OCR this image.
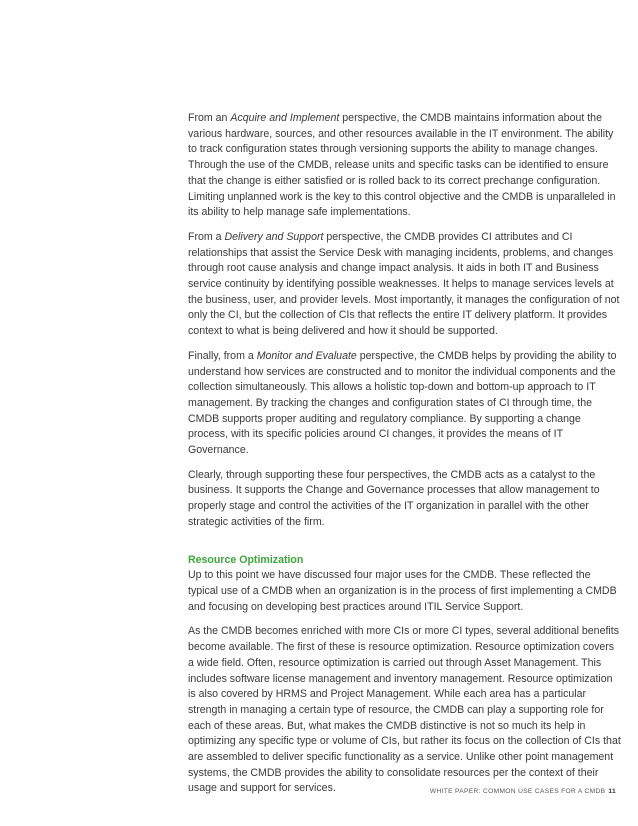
From an Acquire and Implement perspective, the CMDB maintains information about the various hardware, sources, and other resources available in the IT environment. The ability to track configuration states through versioning supports the ability to manage changes. Through the use of the CMDB, release units and specific tasks can be identified to ensure that the change is either satisfied or is rolled back to its correct prechange configuration. Limiting unplanned work is the key to this control objective and the CMDB is unparalleled in its ability to help manage safe implementations.

From a Delivery and Support perspective, the CMDB provides CI attributes and CI relationships that assist the Service Desk with managing incidents, problems, and changes through root cause analysis and change impact analysis. It aids in both IT and Business service continuity by identifying possible weaknesses. It helps to manage services levels at the business, user, and provider levels. Most importantly, it manages the configuration of not only the CI, but the collection of CIs that reflects the entire IT delivery platform. It provides context to what is being delivered and how it should be supported.

Finally, from a Monitor and Evaluate perspective, the CMDB helps by providing the ability to understand how services are constructed and to monitor the individual components and the collection simultaneously. This allows a holistic top-down and bottom-up approach to IT management. By tracking the changes and configuration states of CI through time, the CMDB supports proper auditing and regulatory compliance. By supporting a change process, with its specific policies around CI changes, it provides the means of IT Governance.

Clearly, through supporting these four perspectives, the CMDB acts as a catalyst to the business. It supports the Change and Governance processes that allow management to properly stage and control the activities of the IT organization in parallel with the other strategic activities of the firm.

Resource Optimization

Up to this point we have discussed four major uses for the CMDB. These reflected the typical use of a CMDB when an organization is in the process of first implementing a CMDB and focusing on developing best practices around ITIL Service Support.

As the CMDB becomes enriched with more CIs or more CI types, several additional benefits become available. The first of these is resource optimization. Resource optimization covers a wide field. Often, resource optimization is carried out through Asset Management. This includes software license management and inventory management. Resource optimization is also covered by HRMS and Project Management. While each area has a particular strength in managing a certain type of resource, the CMDB can play a supporting role for each of these areas. But, what makes the CMDB distinctive is not so much its help in optimizing any specific type or volume of CIs, but rather its focus on the collection of CIs that are assembled to deliver specific functionality as a service. Unlike other point management systems, the CMDB provides the ability to consolidate resources per the context of their usage and support for services.	WHITE PAPER: COMMON USE CASES FOR A CMDB 11
